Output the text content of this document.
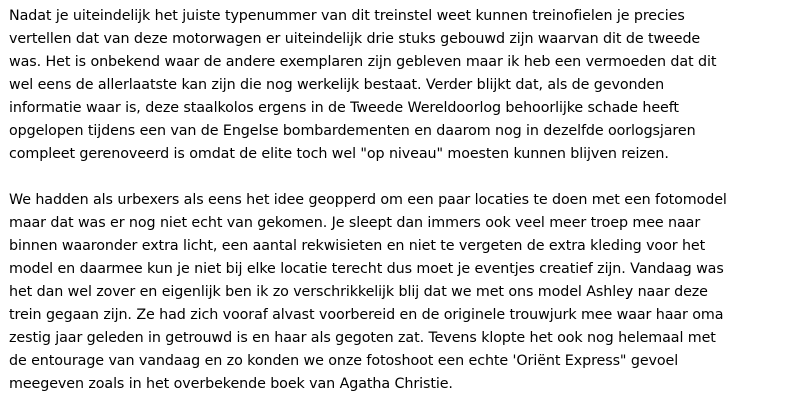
Nadat je uiteindelijk het juiste typenummer van dit treinstel weet kunnen treinofielen je precies
vertellen dat van deze motorwagen er uiteindelijk drie stuks gebouwd zijn waarvan dit de tweede
was. Het is onbekend waar de andere exemplaren zijn gebleven maar ik heb een vermoeden dat dit
wel eens de allerlaatste kan zijn die nog werkelijk bestaat. Verder blijkt dat, als de gevonden
informatie waar is, deze staalkolos ergens in de Tweede Wereldoorlog behoorlijke schade heeft
opgelopen tijdens een van de Engelse bombardementen en daarom nog in dezelfde oorlogsjaren
compleet gerenoveerd is omdat de elite toch wel "op niveau" moesten kunnen blijven reizen.
We hadden als urbexers als eens het idee geopperd om een paar locaties te doen met een fotomodel
maar dat was er nog niet echt van gekomen. Je sleept dan immers ook veel meer troep mee naar
binnen waaronder extra licht, een aantal rekwisieten en niet te vergeten de extra kleding voor het
model en daarmee kun je niet bij elke locatie terecht dus moet je eventjes creatief zijn. Vandaag was
het dan wel zover en eigenlijk ben ik zo verschrikkelijk blij dat we met ons model Ashley naar deze
trein gegaan zijn. Ze had zich vooraf alvast voorbereid en de originele trouwjurk mee waar haar oma
zestig jaar geleden in getrouwd is en haar als gegoten zat. Tevens klopte het ook nog helemaal met
de entourage van vandaag en zo konden we onze fotoshoot een echte 'Oriënt Express" gevoel
meegeven zoals in het overbekende boek van Agatha Christie.
